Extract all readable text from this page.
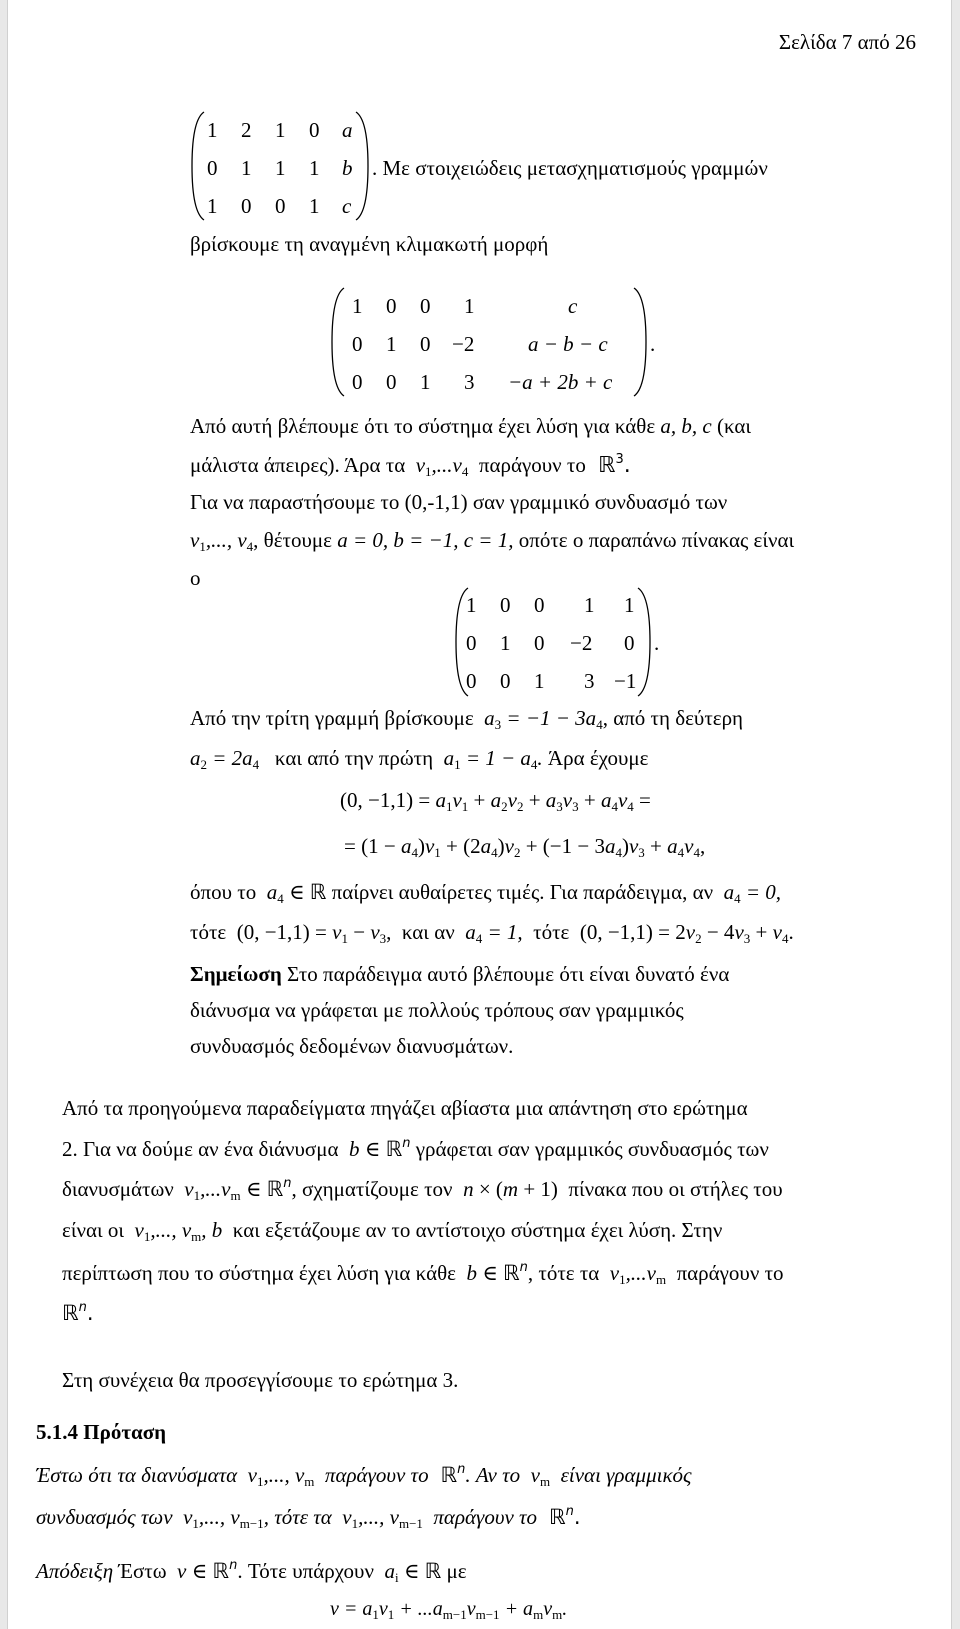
Σελίδα 7 από 26
1 2 1 0 a
0 1 1 1 b
1 0 0 1 c
. Με στοιχειώδεις μετασχηματισμούς γραμμών
βρίσκουμε τη αναγμένη κλιμακωτή μορφή
1 0 0 1	c
0 1 0 −2	a − b − c
0 0 1 3 −a + 2b + c
.
Από αυτή βλέπουμε ότι το σύστημα έχει λύση για κάθε a, b, c (και
μάλιστα άπειρες). Άρα τα  $v_1,...v_4$ παράγουν το  ℝ$^3$.
Για να παραστήσουμε το (0,-1,1) σαν γραμμικό συνδυασμό των
$v_1$,..., $v_4$, θέτουμε a = 0, b = −1, c = 1, οπότε ο παραπάνω πίνακας είναι
ο
1 0 0 1 1
0 1 0 −2 0
0 0 1 3 −1
.
Από την τρίτη γραμμή βρίσκουμε  $a_3 = -1 - 3a_4$, από τη δεύτερη
$a_2 = 2a_4$ και από την πρώτη  $a_1 = 1 - a_4$. Άρα έχουμε
(0, $-1,1) = a_1v_1 + a_2v_2 + a_3v_3 + a_4v_4$ =
= $(1 - a_4)v_1 + (2a_4)v_2 + (-1 - 3a_4)v_3 + a_4v_4$,
όπου το  $a_4$ ∈ ℝ παίρνει αυθαίρετες τιμές. Για παράδειγμα, αν  $a_4 = 0$,
τότε  (0, $-1,1) = v_1 - v_3$,  και αν  $a_4 = 1$,  τότε  (0, $-1,1) = 2v_2 - 4v_3 + v_4$.
Σημείωση Στο παράδειγμα αυτό βλέπουμε ότι είναι δυνατό ένα
διάνυσμα να γράφεται με πολλούς τρόπους σαν γραμμικός
συνδυασμός δεδομένων διανυσμάτων.
Από τα προηγούμενα παραδείγματα πηγάζει αβίαστα μια απάντηση στο ερώτημα
2. Για να δούμε αν ένα διάνυσμα  b ∈ ℝ$^n$ γράφεται σαν γραμμικός συνδυασμός των
διανυσμάτων  $v_1,...v_m$ ∈ ℝ$^n$, σχηματίζουμε τον n × (m + 1)  πίνακα που οι στήλες του
είναι οι  $v_1$,..., $v_m$, b  και εξετάζουμε αν το αντίστοιχο σύστημα έχει λύση. Στην
περίπτωση που το σύστημα έχει λύση για κάθε  b ∈ ℝ$^n$, τότε τα  $v_1,...v_m$ παράγουν το
ℝ$^n$.
Στη συνέχεια θα προσεγγίσουμε το ερώτημα 3.
5.1.4 Πρόταση
Έστω ότι τα διανύσματα  $v_1$,..., $v_m$ παράγουν το  ℝ$^n$. Αν το  $v_m$ είναι γραμμικός
συνδυασμός των  $v_1$,..., $v_{m-1}$, τότε τα  $v_1$,..., $v_{m-1}$ παράγουν το  ℝ$^n$.
Απόδειξη Έστω  v ∈ ℝ$^n$. Τότε υπάρχουν  $a_i$ ∈ ℝ με
$v = a_1v_1 + ...a_{m-1}v_{m-1} + a_mv_m$.
